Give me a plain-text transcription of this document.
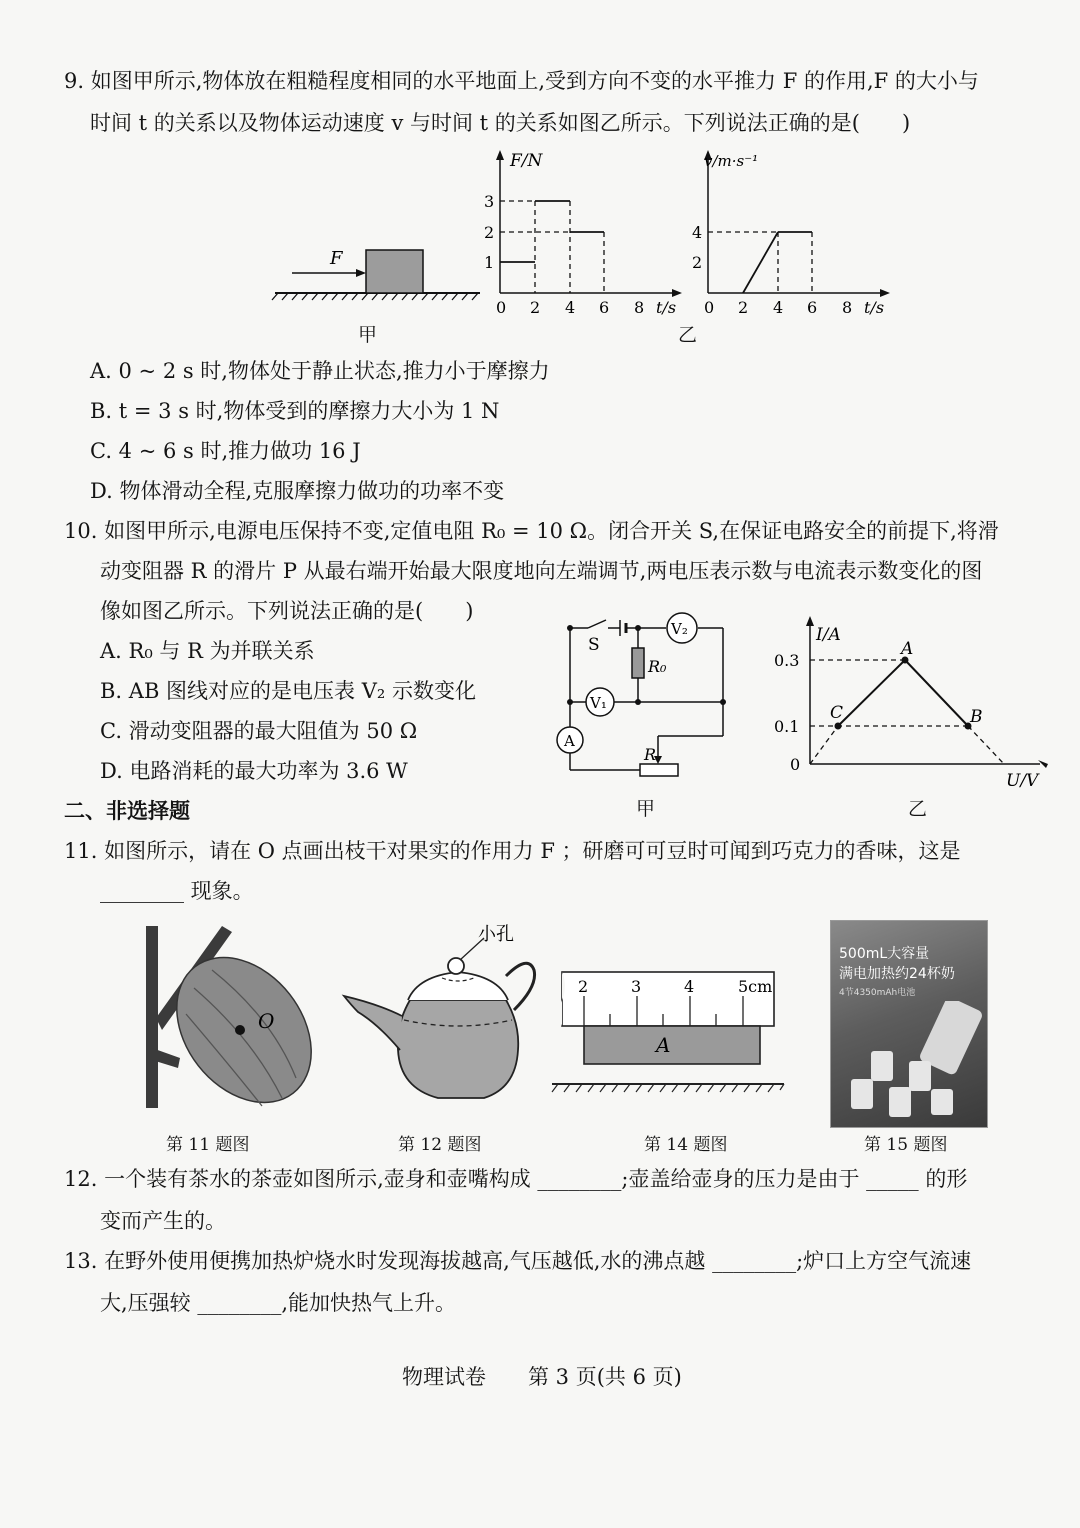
9. 如图甲所示,物体放在粗糙程度相同的水平地面上,受到方向不变的水平推力 F 的作用,F 的大小与
时间 t 的关系以及物体运动速度 v 与时间 t 的关系如图乙所示。下列说法正确的是(　　)
F
甲
F/N
1
2
3
0 2 4 6 8 t/s
v/m·s⁻¹
2
4
0 2 4 6 8 t/s
乙
A. 0 ~ 2 s 时,物体处于静止状态,推力小于摩擦力
B. t = 3 s 时,物体受到的摩擦力大小为 1 N
C. 4 ~ 6 s 时,推力做功 16 J
D. 物体滑动全程,克服摩擦力做功的功率不变
10. 如图甲所示,电源电压保持不变,定值电阻 R₀ = 10 Ω。闭合开关 S,在保证电路安全的前提下,将滑
动变阻器 R 的滑片 P 从最右端开始最大限度地向左端调节,两电压表示数与电流表示数变化的图
像如图乙所示。下列说法正确的是(　　)
A. R₀ 与 R 为并联关系
B. AB 图线对应的是电压表 V₂ 示数变化
C. 滑动变阻器的最大阻值为 50 Ω
D. 电路消耗的最大功率为 3.6 W
S
V₂
V₁
A
R₀
R
甲
I/A
0.3
0.1
0
A
B
C
U/V
乙
二、非选择题
11. 如图所示，请在 O 点画出枝干对果实的作用力 F ；研磨可可豆时可闻到巧克力的香味，这是
________ 现象。
O
第 11 题图
小孔
第 12 题图
2	3	4	5cm
A
第 14 题图
500mL大容量
满电加热约24杯奶
4节4350mAh电池
第 15 题图
12. 一个装有茶水的茶壶如图所示,壶身和壶嘴构成 ________;壶盖给壶身的压力是由于 _____ 的形
变而产生的。
13. 在野外使用便携加热炉烧水时发现海拔越高,气压越低,水的沸点越 ________;炉口上方空气流速
大,压强较 ________,能加快热气上升。
物理试卷　　第 3 页(共 6 页)
